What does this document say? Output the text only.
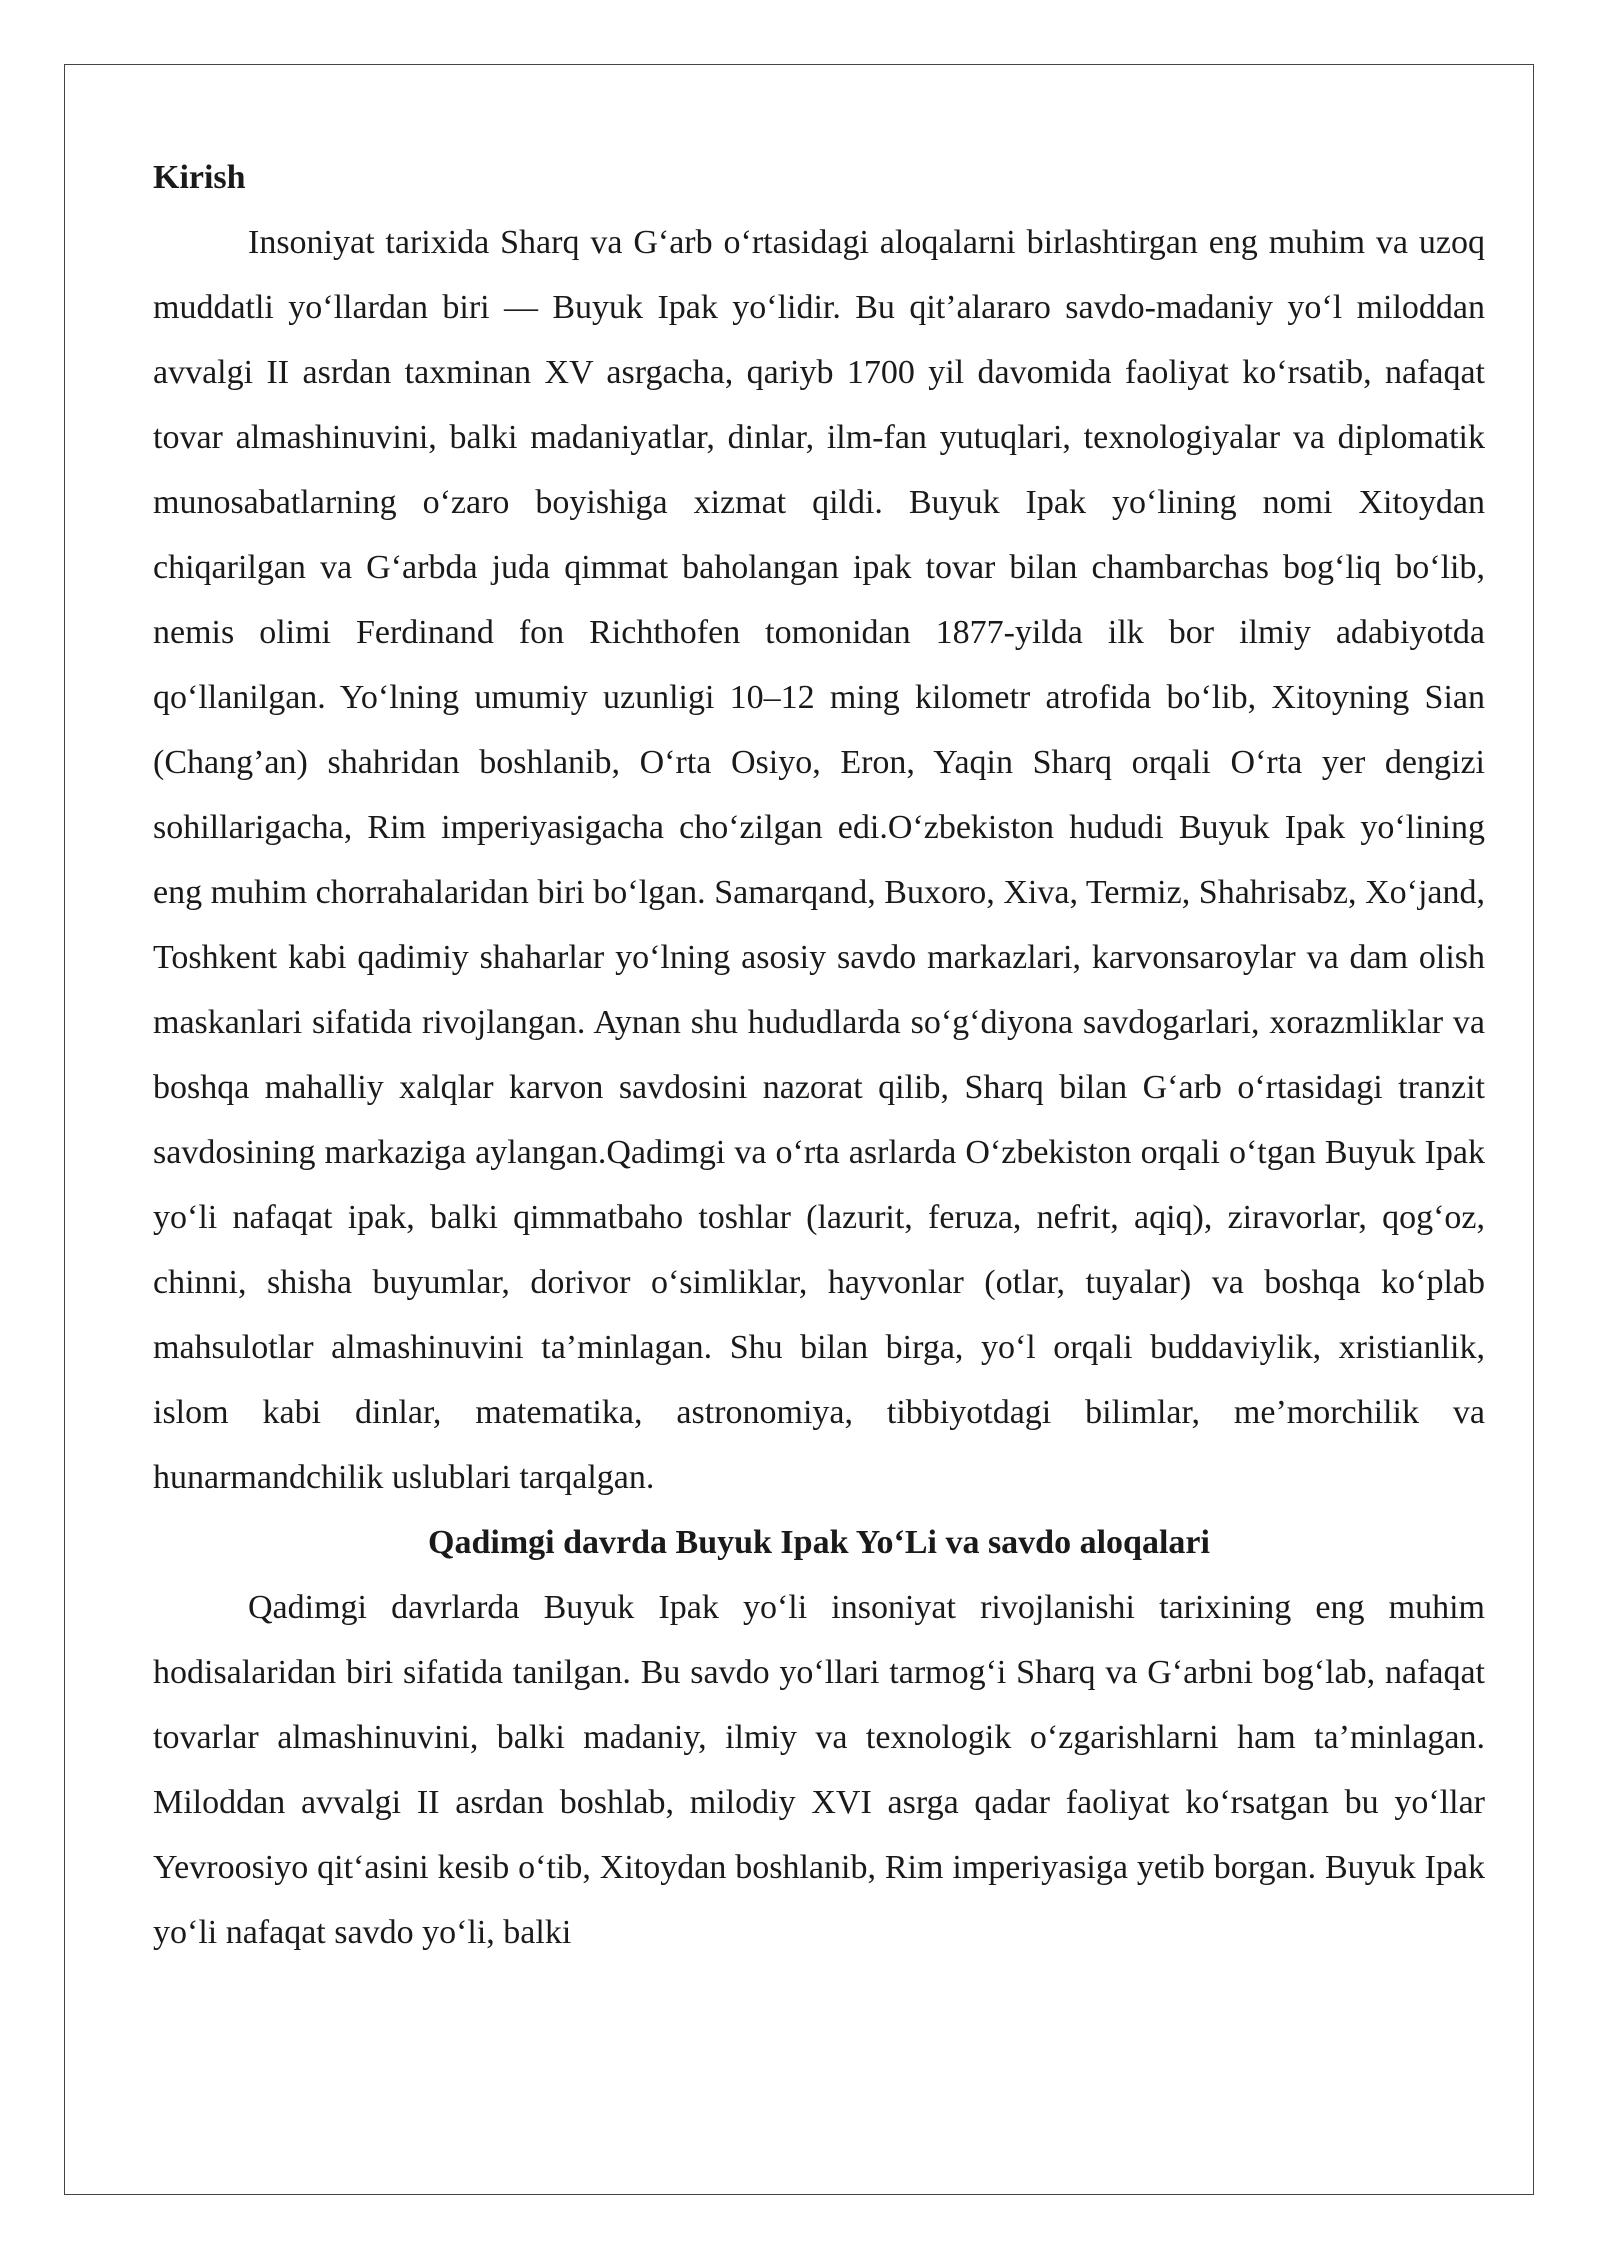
Kirish

Insoniyat tarixida Sharq va G‘arb o‘rtasidagi aloqalarni birlashtirgan eng muhim va uzoq muddatli yo‘llardan biri — Buyuk Ipak yo‘lidir. Bu qit’alararo savdo-madaniy yo‘l miloddan avvalgi II asrdan taxminan XV asrgacha, qariyb 1700 yil davomida faoliyat ko‘rsatib, nafaqat tovar almashinuvini, balki madaniyatlar, dinlar, ilm-fan yutuqlari, texnologiyalar va diplomatik munosabatlarning o‘zaro boyishiga xizmat qildi. Buyuk Ipak yo‘lining nomi Xitoydan chiqarilgan va G‘arbda juda qimmat baholangan ipak tovar bilan chambarchas bog‘liq bo‘lib, nemis olimi Ferdinand fon Richthofen tomonidan 1877-yilda ilk bor ilmiy adabiyotda qo‘llanilgan. Yo‘lning umumiy uzunligi 10–12 ming kilometr atrofida bo‘lib, Xitoyning Sian (Chang’an) shahridan boshlanib, O‘rta Osiyo, Eron, Yaqin Sharq orqali O‘rta yer dengizi sohillarigacha, Rim imperiyasigacha cho‘zilgan edi.O‘zbekiston hududi Buyuk Ipak yo‘lining eng muhim chorrahalaridan biri bo‘lgan. Samarqand, Buxoro, Xiva, Termiz, Shahrisabz, Xo‘jand, Toshkent kabi qadimiy shaharlar yo‘lning asosiy savdo markazlari, karvonsaroylar va dam olish maskanlari sifatida rivojlangan. Aynan shu hududlarda so‘g‘diyona savdogarlari, xorazmliklar va boshqa mahalliy xalqlar karvon savdosini nazorat qilib, Sharq bilan G‘arb o‘rtasidagi tranzit savdosining markaziga aylangan.Qadimgi va o‘rta asrlarda O‘zbekiston orqali o‘tgan Buyuk Ipak yo‘li nafaqat ipak, balki qimmatbaho toshlar (lazurit, feruza, nefrit, aqiq), ziravorlar, qog‘oz, chinni, shisha buyumlar, dorivor o‘simliklar, hayvonlar (otlar, tuyalar) va boshqa ko‘plab mahsulotlar almashinuvini ta’minlagan. Shu bilan birga, yo‘l orqali buddaviylik, xristianlik, islom kabi dinlar, matematika, astronomiya, tibbiyotdagi bilimlar, me’morchilik va hunarmandchilik uslublari tarqalgan.

Qadimgi davrda Buyuk Ipak Yo‘Li va savdo aloqalari

Qadimgi davrlarda Buyuk Ipak yo‘li insoniyat rivojlanishi tarixining eng muhim hodisalaridan biri sifatida tanilgan. Bu savdo yo‘llari tarmog‘i Sharq va G‘arbni bog‘lab, nafaqat tovarlar almashinuvini, balki madaniy, ilmiy va texnologik o‘zgarishlarni ham ta’minlagan. Miloddan avvalgi II asrdan boshlab, milodiy XVI asrga qadar faoliyat ko‘rsatgan bu yo‘llar Yevroosiyo qit‘asini kesib o‘tib, Xitoydan boshlanib, Rim imperiyasiga yetib borgan. Buyuk Ipak yo‘li nafaqat savdo yo‘li, balki
